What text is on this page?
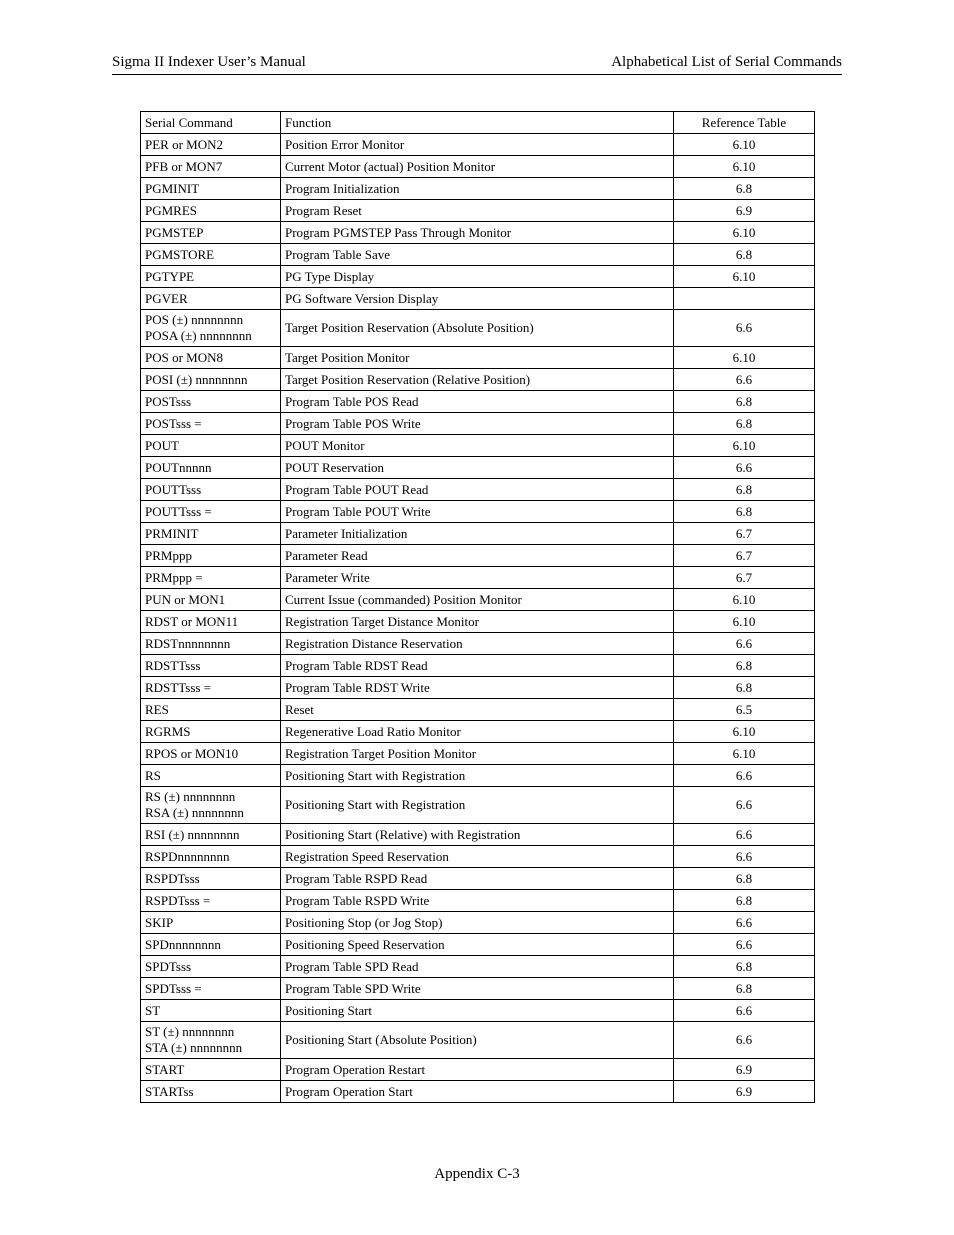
Sigma II Indexer User’s Manual	Alphabetical List of Serial Commands
Serial Command	Function	Reference Table

PER or MON2	Position Error Monitor	6.10

PFB or MON7	Current Motor (actual) Position Monitor	6.10

PGMINIT	Program Initialization	6.8

PGMRES	Program Reset	6.9

PGMSTEP	Program PGMSTEP Pass Through Monitor	6.10

PGMSTORE	Program Table Save	6.8

PGTYPE	PG Type Display	6.10

PGVER	PG Software Version Display	

POS (±) nnnnnnnn
POSA (±) nnnnnnnn	Target Position Reservation (Absolute Position)	6.6

POS or MON8	Target Position Monitor	6.10

POSI (±) nnnnnnnn	Target Position Reservation (Relative Position)	6.6

POSTsss	Program Table POS Read	6.8

POSTsss =	Program Table POS Write	6.8

POUT	POUT Monitor	6.10

POUTnnnnn	POUT Reservation	6.6

POUTTsss	Program Table POUT Read	6.8

POUTTsss =	Program Table POUT Write	6.8

PRMINIT	Parameter Initialization	6.7

PRMppp	Parameter Read	6.7

PRMppp =	Parameter Write	6.7

PUN or MON1	Current Issue (commanded) Position Monitor	6.10

RDST or MON11	Registration Target Distance Monitor	6.10

RDSTnnnnnnnn	Registration Distance Reservation	6.6

RDSTTsss	Program Table RDST Read	6.8

RDSTTsss =	Program Table RDST Write	6.8

RES	Reset	6.5

RGRMS	Regenerative Load Ratio Monitor	6.10

RPOS or MON10	Registration Target Position Monitor	6.10

RS	Positioning Start with Registration	6.6

RS (±) nnnnnnnn
RSA (±) nnnnnnnn	Positioning Start with Registration	6.6

RSI (±) nnnnnnnn	Positioning Start (Relative) with Registration	6.6

RSPDnnnnnnnn	Registration Speed Reservation	6.6

RSPDTsss	Program Table RSPD Read	6.8

RSPDTsss =	Program Table RSPD Write	6.8

SKIP	Positioning Stop (or Jog Stop)	6.6

SPDnnnnnnnn	Positioning Speed Reservation	6.6

SPDTsss	Program Table SPD Read	6.8

SPDTsss =	Program Table SPD Write	6.8

ST	Positioning Start	6.6

ST (±) nnnnnnnn
STA (±) nnnnnnnn	Positioning Start (Absolute Position)	6.6

START	Program Operation Restart	6.9

STARTss	Program Operation Start	6.9
Appendix C-3
